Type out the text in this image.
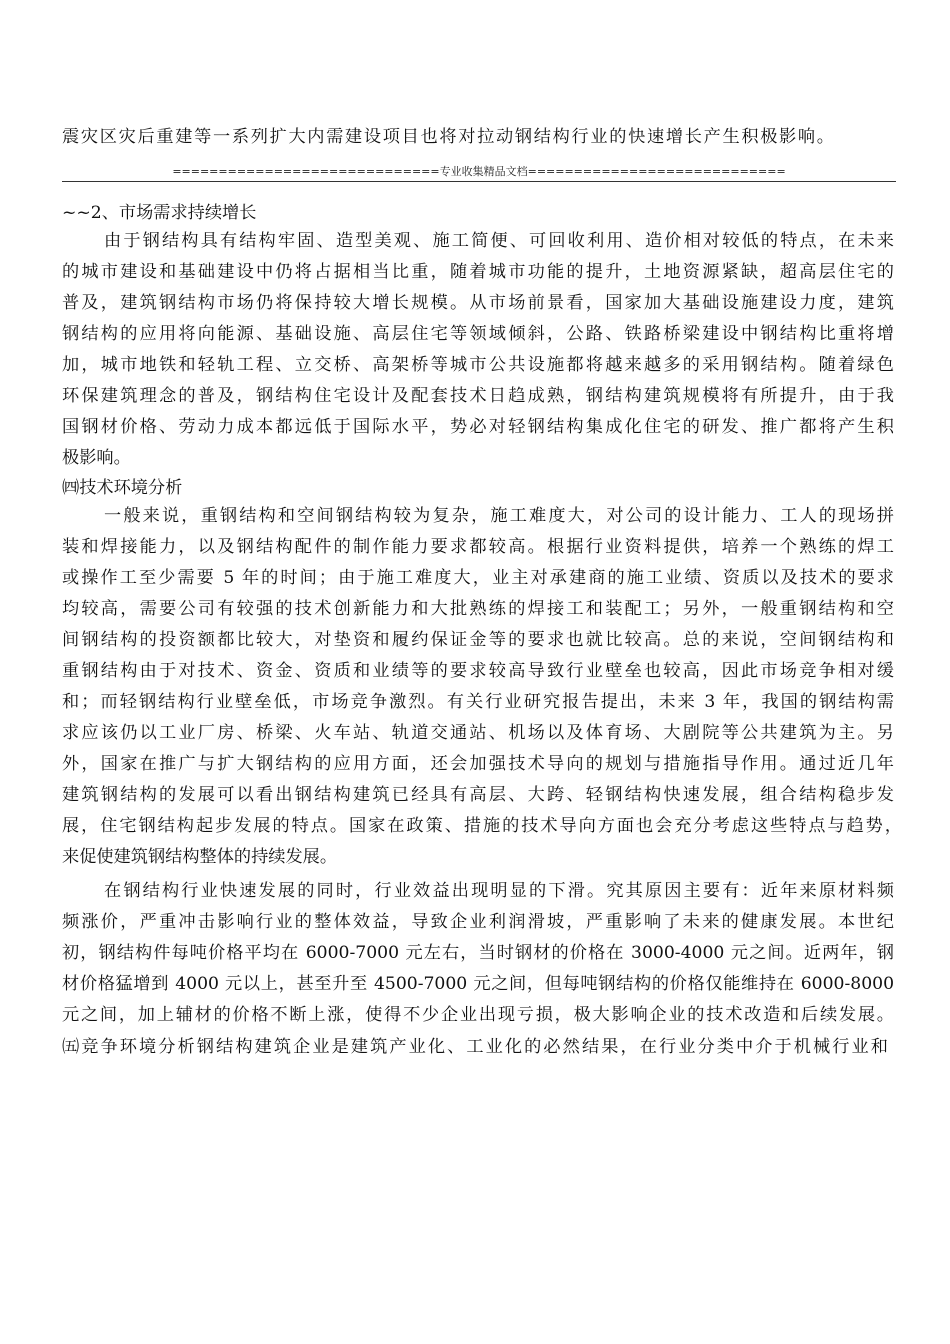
震灾区灾后重建等一系列扩大内需建设项目也将对拉动钢结构行业的快速增长产生积极影响。
=============================专业收集精品文档============================
~~2、市场需求持续增长
由于钢结构具有结构牢固、造型美观、施工简便、可回收利用、造价相对较低的特点，在未来
的城市建设和基础建设中仍将占据相当比重，随着城市功能的提升，土地资源紧缺，超高层住宅的
普及，建筑钢结构市场仍将保持较大增长规模。从市场前景看，国家加大基础设施建设力度，建筑
钢结构的应用将向能源、基础设施、高层住宅等领域倾斜，公路、铁路桥梁建设中钢结构比重将增
加，城市地铁和轻轨工程、立交桥、高架桥等城市公共设施都将越来越多的采用钢结构。随着绿色
环保建筑理念的普及，钢结构住宅设计及配套技术日趋成熟，钢结构建筑规模将有所提升，由于我
国钢材价格、劳动力成本都远低于国际水平，势必对轻钢结构集成化住宅的研发、推广都将产生积
极影响。
㈣技术环境分析
一般来说，重钢结构和空间钢结构较为复杂，施工难度大，对公司的设计能力、工人的现场拼
装和焊接能力，以及钢结构配件的制作能力要求都较高。根据行业资料提供，培养一个熟练的焊工
或操作工至少需要 5 年的时间；由于施工难度大，业主对承建商的施工业绩、资质以及技术的要求
均较高，需要公司有较强的技术创新能力和大批熟练的焊接工和装配工；另外，一般重钢结构和空
间钢结构的投资额都比较大，对垫资和履约保证金等的要求也就比较高。总的来说，空间钢结构和
重钢结构由于对技术、资金、资质和业绩等的要求较高导致行业壁垒也较高，因此市场竞争相对缓
和；而轻钢结构行业壁垒低，市场竞争激烈。有关行业研究报告提出，未来 3 年，我国的钢结构需
求应该仍以工业厂房、桥梁、火车站、轨道交通站、机场以及体育场、大剧院等公共建筑为主。另
外，国家在推广与扩大钢结构的应用方面，还会加强技术导向的规划与措施指导作用。通过近几年
建筑钢结构的发展可以看出钢结构建筑已经具有高层、大跨、轻钢结构快速发展，组合结构稳步发
展，住宅钢结构起步发展的特点。国家在政策、措施的技术导向方面也会充分考虑这些特点与趋势，
来促使建筑钢结构整体的持续发展。
在钢结构行业快速发展的同时，行业效益出现明显的下滑。究其原因主要有：近年来原材料频
频涨价，严重冲击影响行业的整体效益，导致企业利润滑坡，严重影响了未来的健康发展。本世纪
初，钢结构件每吨价格平均在 6000-7000 元左右，当时钢材的价格在 3000-4000 元之间。近两年，钢
材价格猛增到 4000 元以上，甚至升至 4500-7000 元之间，但每吨钢结构的价格仅能维持在 6000-8000
元之间，加上辅材的价格不断上涨，使得不少企业出现亏损，极大影响企业的技术改造和后续发展。
㈤竞争环境分析钢结构建筑企业是建筑产业化、工业化的必然结果，在行业分类中介于机械行业和
